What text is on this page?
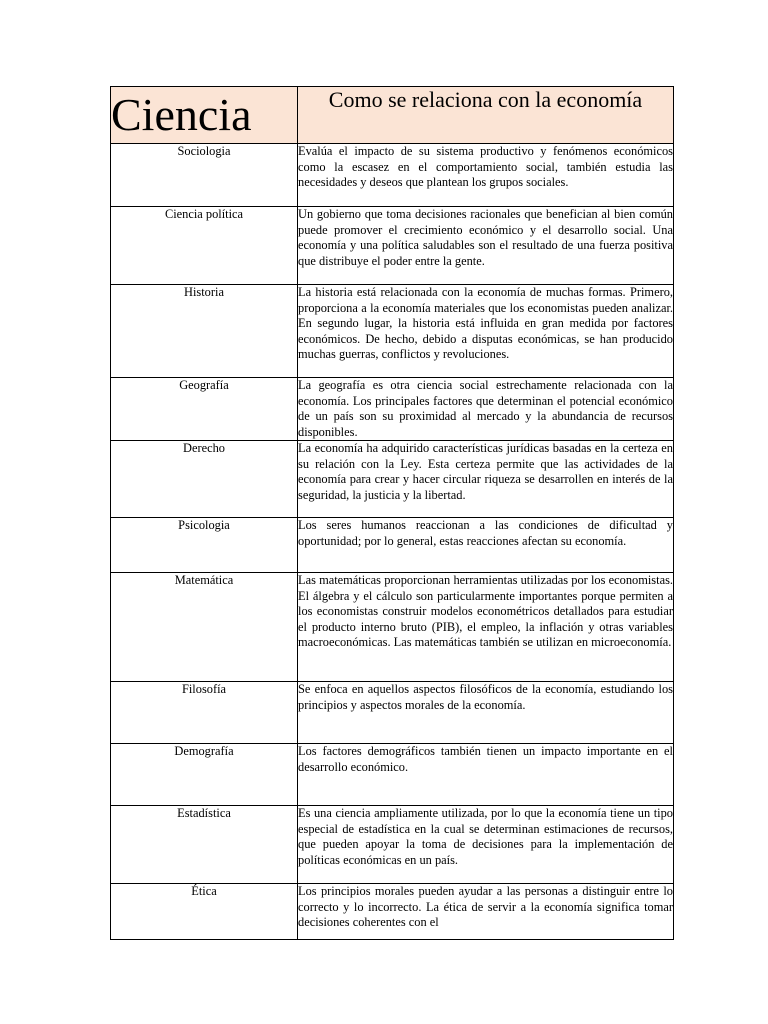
Ciencia	Como se relaciona con la economía
Sociologia	Evalúa el impacto de su sistema productivo y fenómenos económicos como la escasez en el comportamiento social, también estudia las necesidades y deseos que plantean los grupos sociales.
Ciencia política	Un gobierno que toma decisiones racionales que benefician al bien común puede promover el crecimiento económico y el desarrollo social. Una economía y una política saludables son el resultado de una fuerza positiva que distribuye el poder entre la gente.
Historia	La historia está relacionada con la economía de muchas formas. Primero, proporciona a la economía materiales que los economistas pueden analizar. En segundo lugar, la historia está influida en gran medida por factores económicos. De hecho, debido a disputas económicas, se han producido muchas guerras, conflictos y revoluciones.
Geografía	La geografía es otra ciencia social estrechamente relacionada con la economía. Los principales factores que determinan el potencial económico de un país son su proximidad al mercado y la abundancia de recursos disponibles.
Derecho	La economía ha adquirido características jurídicas basadas en la certeza en su relación con la Ley. Esta certeza permite que las actividades de la economía para crear y hacer circular riqueza se desarrollen en interés de la seguridad, la justicia y la libertad.
Psicologia	Los seres humanos reaccionan a las condiciones de dificultad y oportunidad; por lo general, estas reacciones afectan su economía.
Matemática	Las matemáticas proporcionan herramientas utilizadas por los economistas. El álgebra y el cálculo son particularmente importantes porque permiten a los economistas construir modelos econométricos detallados para estudiar el producto interno bruto (PIB), el empleo, la inflación y otras variables macroeconómicas. Las matemáticas también se utilizan en microeconomía.
Filosofía	Se enfoca en aquellos aspectos filosóficos de la economía, estudiando los principios y aspectos morales de la economía.
Demografía	Los factores demográficos también tienen un impacto importante en el desarrollo económico.
Estadística	Es una ciencia ampliamente utilizada, por lo que la economía tiene un tipo especial de estadística en la cual se determinan estimaciones de recursos, que pueden apoyar la toma de decisiones para la implementación de políticas económicas en un país.
Ética	Los principios morales pueden ayudar a las personas a distinguir entre lo correcto y lo incorrecto. La ética de servir a la economía significa tomar decisiones coherentes con el
